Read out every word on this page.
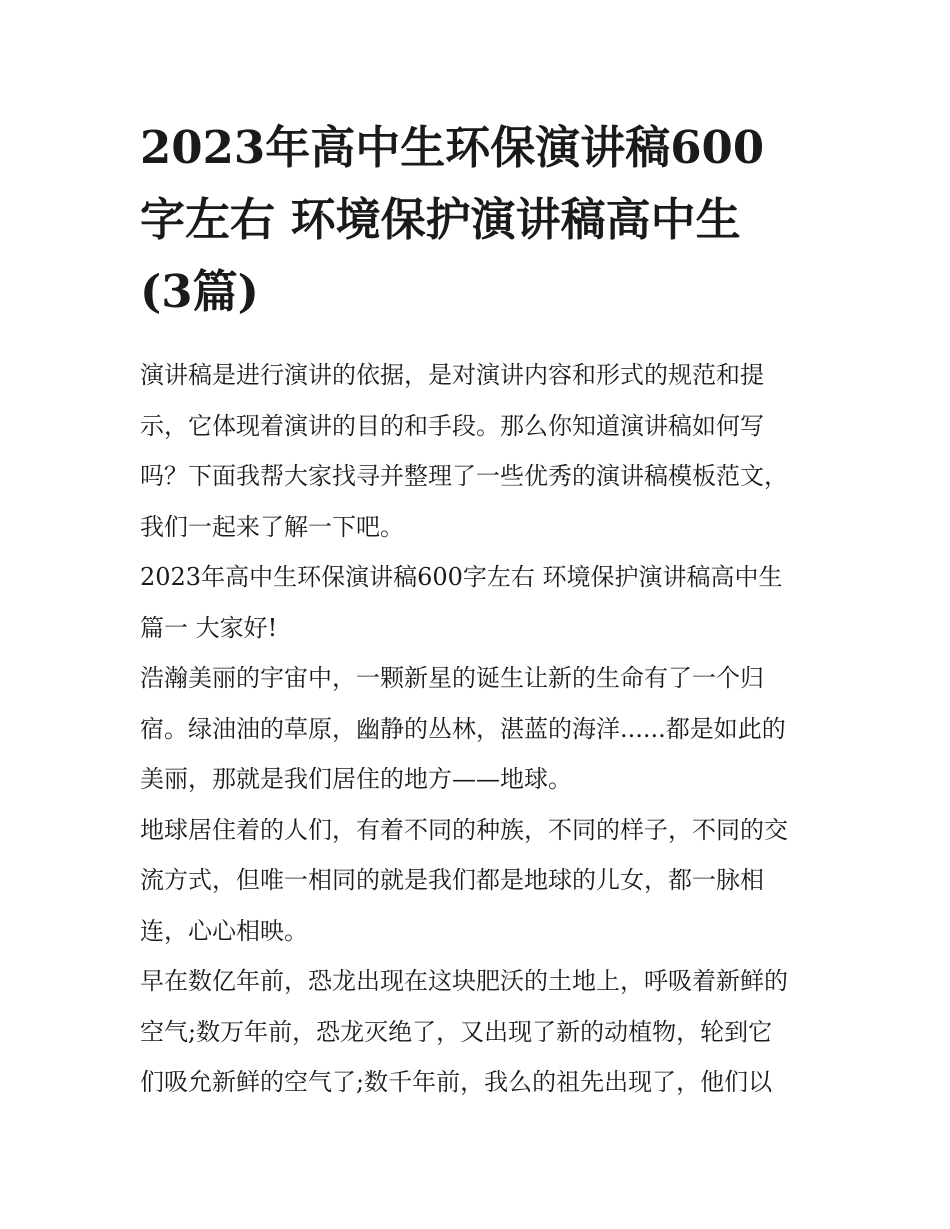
2023年高中生环保演讲稿600
字左右 环境保护演讲稿高中生
(3篇)

演讲稿是进行演讲的依据，是对演讲内容和形式的规范和提
示，它体现着演讲的目的和手段。那么你知道演讲稿如何写
吗？下面我帮大家找寻并整理了一些优秀的演讲稿模板范文，
我们一起来了解一下吧。

2023年高中生环保演讲稿600字左右 环境保护演讲稿高中生
篇一 大家好!

浩瀚美丽的宇宙中，一颗新星的诞生让新的生命有了一个归
宿。绿油油的草原，幽静的丛林，湛蓝的海洋......都是如此的
美丽，那就是我们居住的地方——地球。

地球居住着的人们，有着不同的种族，不同的样子，不同的交
流方式，但唯一相同的就是我们都是地球的儿女，都一脉相
连，心心相映。

早在数亿年前，恐龙出现在这块肥沃的土地上，呼吸着新鲜的
空气;数万年前，恐龙灭绝了，又出现了新的动植物，轮到它
们吸允新鲜的空气了;数千年前，我么的祖先出现了，他们以
